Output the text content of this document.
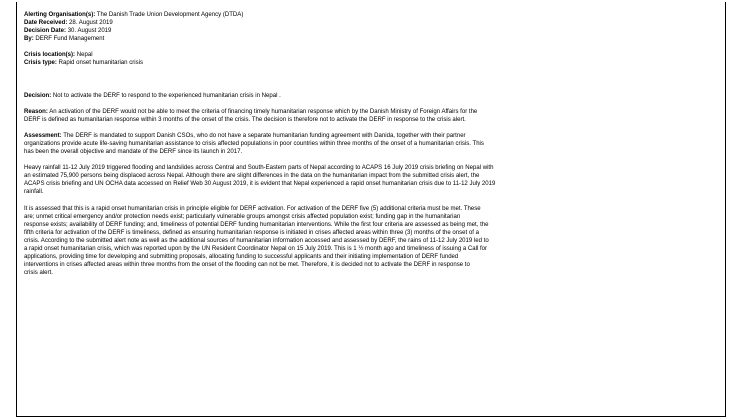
Alerting Organisation(s): The Danish Trade Union Development Agency (DTDA)
Date Received: 28. August 2019
Decision Date: 30. August 2019
By: DERF Fund Management
Crisis location(s): Nepal
Crisis type: Rapid onset humanitarian crisis
Decision: Not to activate the DERF to respond to the experienced humanitarian crisis in Nepal .
Reason: An activation of the DERF would not be able to meet the criteria of financing timely humanitarian response which by the Danish Ministry of Foreign Affairs for the
DERF is defined as humanitarian response within 3 months of the onset of the crisis. The decision is therefore not to activate the DERF in response to the crisis alert.
Assessment: The DERF is mandated to support Danish CSOs, who do not have a separate humanitarian funding agreement with Danida, together with their partner
organizations provide acute life-saving humanitarian assistance to crisis affected populations in poor countries within three months of the onset of a humanitarian crisis. This
has been the overall objective and mandate of the DERF since its launch in 2017.
Heavy rainfall 11-12 July 2019 triggered flooding and landslides across Central and South-Eastern parts of Nepal according to ACAPS 16 July 2019 crisis briefing on Nepal with
an estimated 75,900 persons being displaced across Nepal. Although there are slight differences in the data on the humanitarian impact from the submitted crisis alert, the
ACAPS crisis briefing and UN OCHA data accessed on Relief Web 30 August 2019, it is evident that Nepal experienced a rapid onset humanitarian crisis due to 11-12 July 2019
rainfall.
It is assessed that this is a rapid onset humanitarian crisis in principle eligible for DERF activation. For activation of the DERF five (5) additional criteria must be met. These
are; unmet critical emergency and/or protection needs exist; particularly vulnerable groups amongst crisis affected population exist; funding gap in the humanitarian
response exists; availability of DERF funding; and, timeliness of potential DERF funding humanitarian interventions. While the first four criteria are assessed as being met, the
fifth criteria for activation of the DERF is timeliness, defined as ensuring humanitarian response is initiated in crises affected areas within three (3) months of the onset of a
crisis. According to the submitted alert note as well as the additional sources of humanitarian information accessed and assessed by DERF, the rains of 11-12 July 2019 led to
a rapid onset humanitarian crisis, which was reported upon by the UN Resident Coordinator Nepal on 15 July 2019. This is 1 ½ month ago and timeliness of issuing a Call for
applications, providing time for developing and submitting proposals, allocating funding to successful applicants and their initiating implementation of DERF funded
interventions in crises affected areas within three months from the onset of the flooding can not be met. Therefore, it is decided not to activate the DERF in response to
crisis alert.
